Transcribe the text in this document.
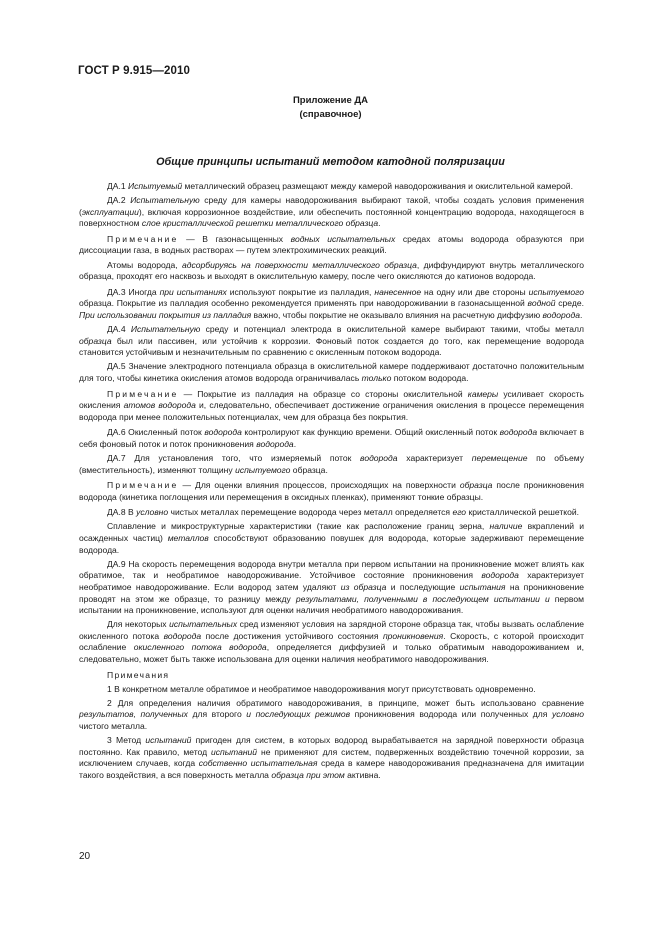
ГОСТ Р 9.915—2010
Приложение ДА
(справочное)
Общие принципы испытаний методом катодной поляризации

ДА.1 Испытуемый металлический образец размещают между камерой наводороживания и окислительной камерой.

ДА.2 Испытательную среду для камеры наводороживания выбирают такой, чтобы создать условия применения (эксплуатации), включая коррозионное воздействие, или обеспечить постоянной концентрацию водорода, находящегося в поверхностном слое кристаллической решетки металлического образца.

Примечание — В газонасыщенных водных испытательных средах атомы водорода образуются при диссоциации газа, в водных растворах — путем электрохимических реакций.

Атомы водорода, адсорбируясь на поверхности металлического образца, диффундируют внутрь металлического образца, проходят его насквозь и выходят в окислительную камеру, после чего окисляются до катионов водорода.

ДА.3 Иногда при испытаниях используют покрытие из палладия, нанесенное на одну или две стороны испытуемого образца. Покрытие из палладия особенно рекомендуется применять при наводороживании в газонасыщенной водной среде. При использовании покрытия из палладия важно, чтобы покрытие не оказывало влияния на расчетную диффузию водорода.

ДА.4 Испытательную среду и потенциал электрода в окислительной камере выбирают такими, чтобы металл образца был или пассивен, или устойчив к коррозии. Фоновый поток создается до того, как перемещение водорода становится устойчивым и незначительным по сравнению с окисленным потоком водорода.

ДА.5 Значение электродного потенциала образца в окислительной камере поддерживают достаточно положительным для того, чтобы кинетика окисления атомов водорода ограничивалась только потоком водорода.

Примечание — Покрытие из палладия на образце со стороны окислительной камеры усиливает скорость окисления атомов водорода и, следовательно, обеспечивает достижение ограничения окисления в процессе перемещения водорода при менее положительных потенциалах, чем для образца без покрытия.

ДА.6 Окисленный поток водорода контролируют как функцию времени. Общий окисленный поток водорода включает в себя фоновый поток и поток проникновения водорода.

ДА.7 Для установления того, что измеряемый поток водорода характеризует перемещение по объему (вместительность), изменяют толщину испытуемого образца.

Примечание — Для оценки влияния процессов, происходящих на поверхности образца после проникновения водорода (кинетика поглощения или перемещения в оксидных пленках), применяют тонкие образцы.

ДА.8 В условно чистых металлах перемещение водорода через металл определяется его кристаллической решеткой.

Сплавление и микроструктурные характеристики (такие как расположение границ зерна, наличие вкраплений и осажденных частиц) металлов способствуют образованию повушек для водорода, которые задерживают перемещение водорода.

ДА.9 На скорость перемещения водорода внутри металла при первом испытании на проникновение может влиять как обратимое, так и необратимое наводороживание. Устойчивое состояние проникновения водорода характеризует необратимое наводороживание. Если водород затем удаляют из образца и последующие испытания на проникновение проводят на этом же образце, то разницу между результатами, полученными в последующем испытании и первом испытании на проникновение, используют для оценки наличия необратимого наводороживания.

Для некоторых испытательных сред изменяют условия на зарядной стороне образца так, чтобы вызвать ослабление окисленного потока водорода после достижения устойчивого состояния проникновения. Скорость, с которой происходит ослабление окисленного потока водорода, определяется диффузией и только обратимым наводороживанием и, следовательно, может быть также использована для оценки наличия необратимого наводороживания.

Примечания

1 В конкретном металле обратимое и необратимое наводороживания могут присутствовать одновременно.

2 Для определения наличия обратимого наводороживания, в принципе, может быть использовано сравнение результатов, полученных для второго и последующих режимов проникновения водорода или полученных для условно чистого металла.

3 Метод испытаний пригоден для систем, в которых водород вырабатывается на зарядной поверхности образца постоянно. Как правило, метод испытаний не применяют для систем, подверженных воздействию точечной коррозии, за исключением случаев, когда собственно испытательная среда в камере наводороживания предназначена для имитации такого воздействия, а вся поверхность металла образца при этом активна.

20
